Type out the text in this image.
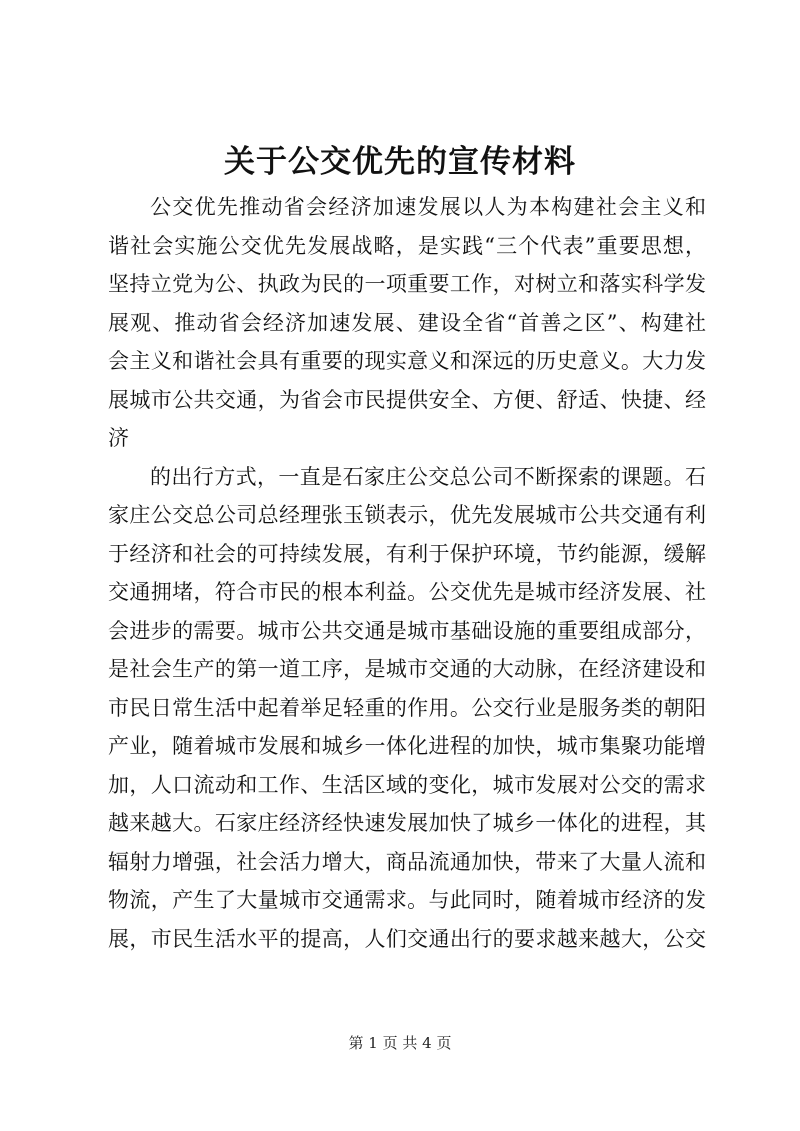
关于公交优先的宣传材料
公交优先推动省会经济加速发展以人为本构建社会主义和
谐社会实施公交优先发展战略，是实践“三个代表”重要思想，
坚持立党为公、执政为民的一项重要工作，对树立和落实科学发
展观、推动省会经济加速发展、建设全省“首善之区”、构建社
会主义和谐社会具有重要的现实意义和深远的历史意义。大力发
展城市公共交通，为省会市民提供安全、方便、舒适、快捷、经
济
的出行方式，一直是石家庄公交总公司不断探索的课题。石
家庄公交总公司总经理张玉锁表示，优先发展城市公共交通有利
于经济和社会的可持续发展，有利于保护环境，节约能源，缓解
交通拥堵，符合市民的根本利益。公交优先是城市经济发展、社
会进步的需要。城市公共交通是城市基础设施的重要组成部分，
是社会生产的第一道工序，是城市交通的大动脉，在经济建设和
市民日常生活中起着举足轻重的作用。公交行业是服务类的朝阳
产业，随着城市发展和城乡一体化进程的加快，城市集聚功能增
加，人口流动和工作、生活区域的变化，城市发展对公交的需求
越来越大。石家庄经济经快速发展加快了城乡一体化的进程，其
辐射力增强，社会活力增大，商品流通加快，带来了大量人流和
物流，产生了大量城市交通需求。与此同时，随着城市经济的发
展，市民生活水平的提高，人们交通出行的要求越来越大，公交
第 1 页 共 4 页
